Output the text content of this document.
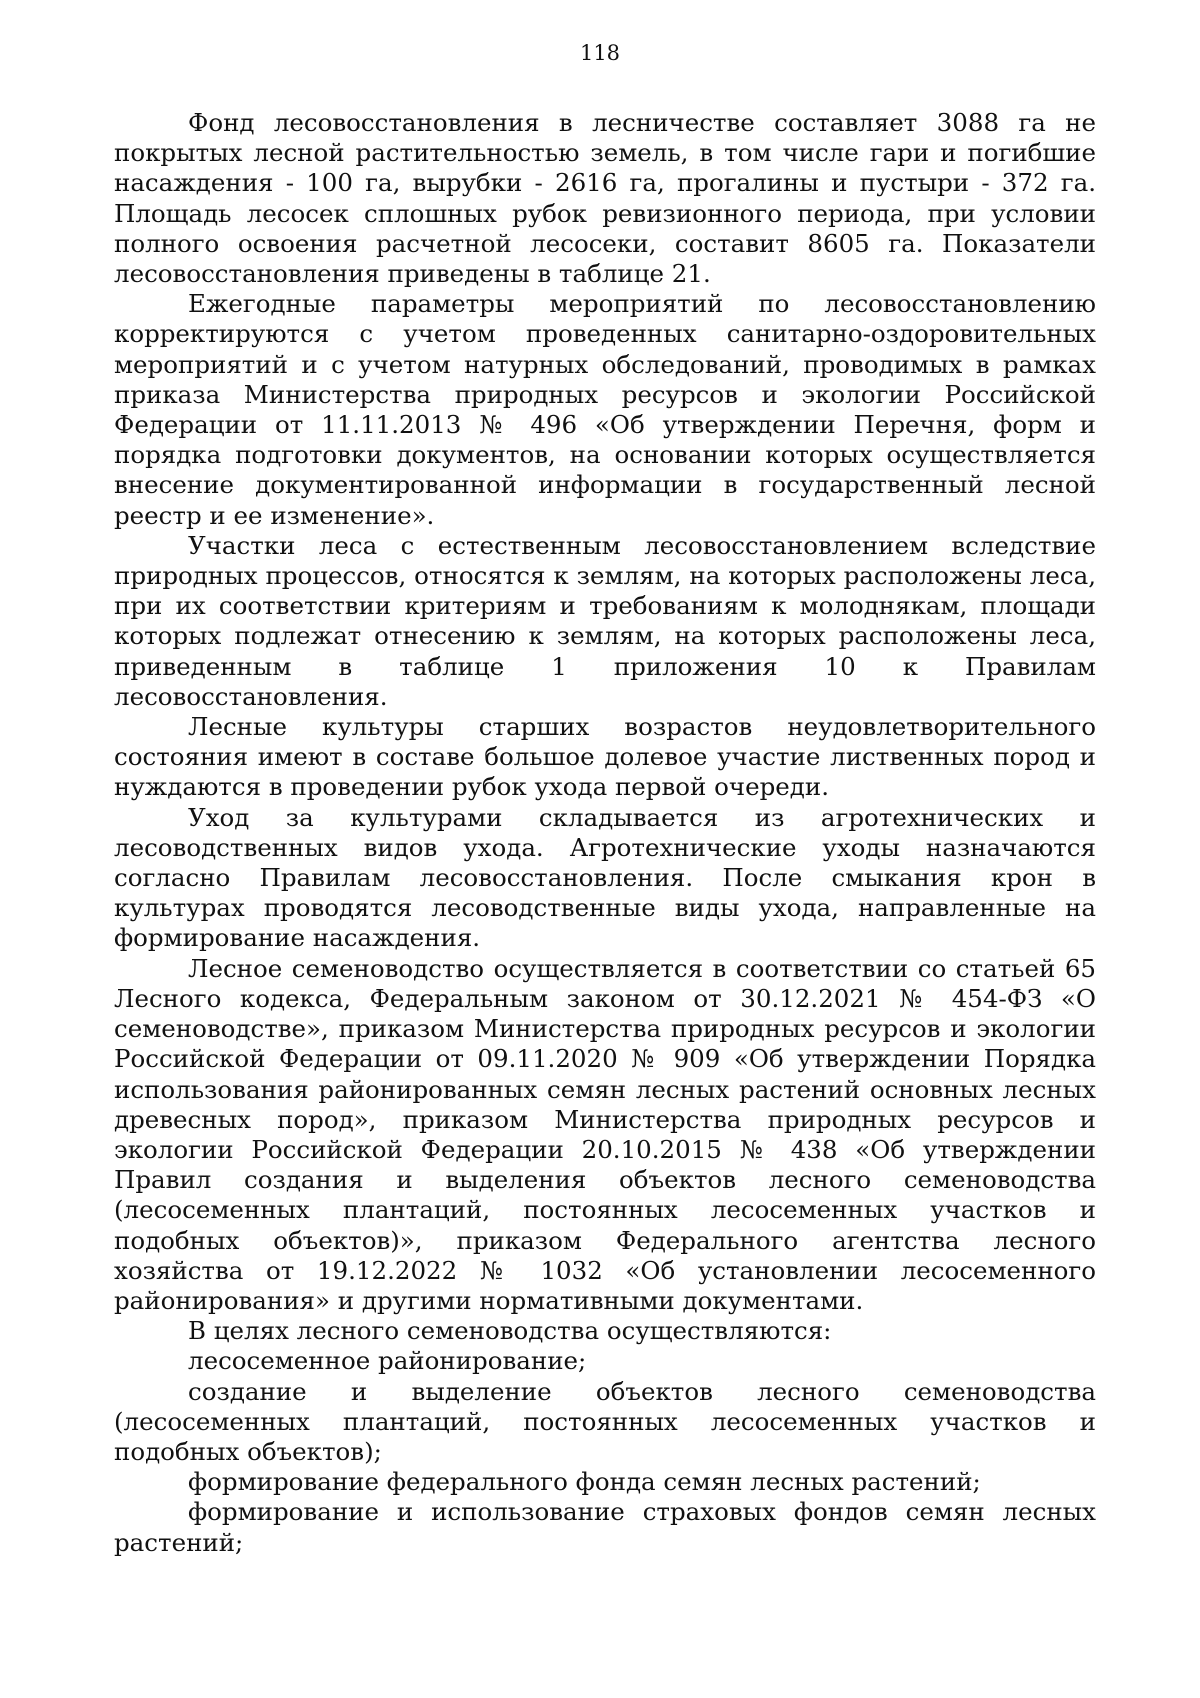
118

Фонд лесовосстановления в лесничестве составляет 3088 га не покрытых лесной растительностью земель, в том числе гари и погибшие насаждения - 100 га, вырубки - 2616 га, прогалины и пустыри - 372 га. Площадь лесосек сплошных рубок ревизионного периода, при условии полного освоения расчетной лесосеки, составит 8605 га. Показатели лесовосстановления приведены в таблице 21.

Ежегодные параметры мероприятий по лесовосстановлению корректируются с учетом проведенных санитарно-оздоровительных мероприятий и с учетом натурных обследований, проводимых в рамках приказа Министерства природных ресурсов и экологии Российской Федерации от 11.11.2013 № 496 «Об утверждении Перечня, форм и порядка подготовки документов, на основании которых осуществляется внесение документированной информации в государственный лесной реестр и ее изменение».

Участки леса с естественным лесовосстановлением вследствие природных процессов, относятся к землям, на которых расположены леса, при их соответствии критериям и требованиям к молоднякам, площади которых подлежат отнесению к землям, на которых расположены леса, приведенным в таблице 1 приложения 10 к Правилам лесовосстановления.

Лесные культуры старших возрастов неудовлетворительного состояния имеют в составе большое долевое участие лиственных пород и нуждаются в проведении рубок ухода первой очереди.

Уход за культурами складывается из агротехнических и лесоводственных видов ухода. Агротехнические уходы назначаются согласно Правилам лесовосстановления. После смыкания крон в культурах проводятся лесоводственные виды ухода, направленные на формирование насаждения.

Лесное семеноводство осуществляется в соответствии со статьей 65 Лесного кодекса, Федеральным законом от 30.12.2021 № 454-ФЗ «О семеноводстве», приказом Министерства природных ресурсов и экологии Российской Федерации от 09.11.2020 № 909 «Об утверждении Порядка использования районированных семян лесных растений основных лесных древесных пород», приказом Министерства природных ресурсов и экологии Российской Федерации 20.10.2015 № 438 «Об утверждении Правил создания и выделения объектов лесного семеноводства (лесосеменных плантаций, постоянных лесосеменных участков и подобных объектов)», приказом Федерального агентства лесного хозяйства от 19.12.2022 № 1032 «Об установлении лесосеменного районирования» и другими нормативными документами.

В целях лесного семеноводства осуществляются:

лесосеменное районирование;

создание и выделение объектов лесного семеноводства (лесосеменных плантаций, постоянных лесосеменных участков и подобных объектов);

формирование федерального фонда семян лесных растений;

формирование и использование страховых фондов семян лесных растений;
